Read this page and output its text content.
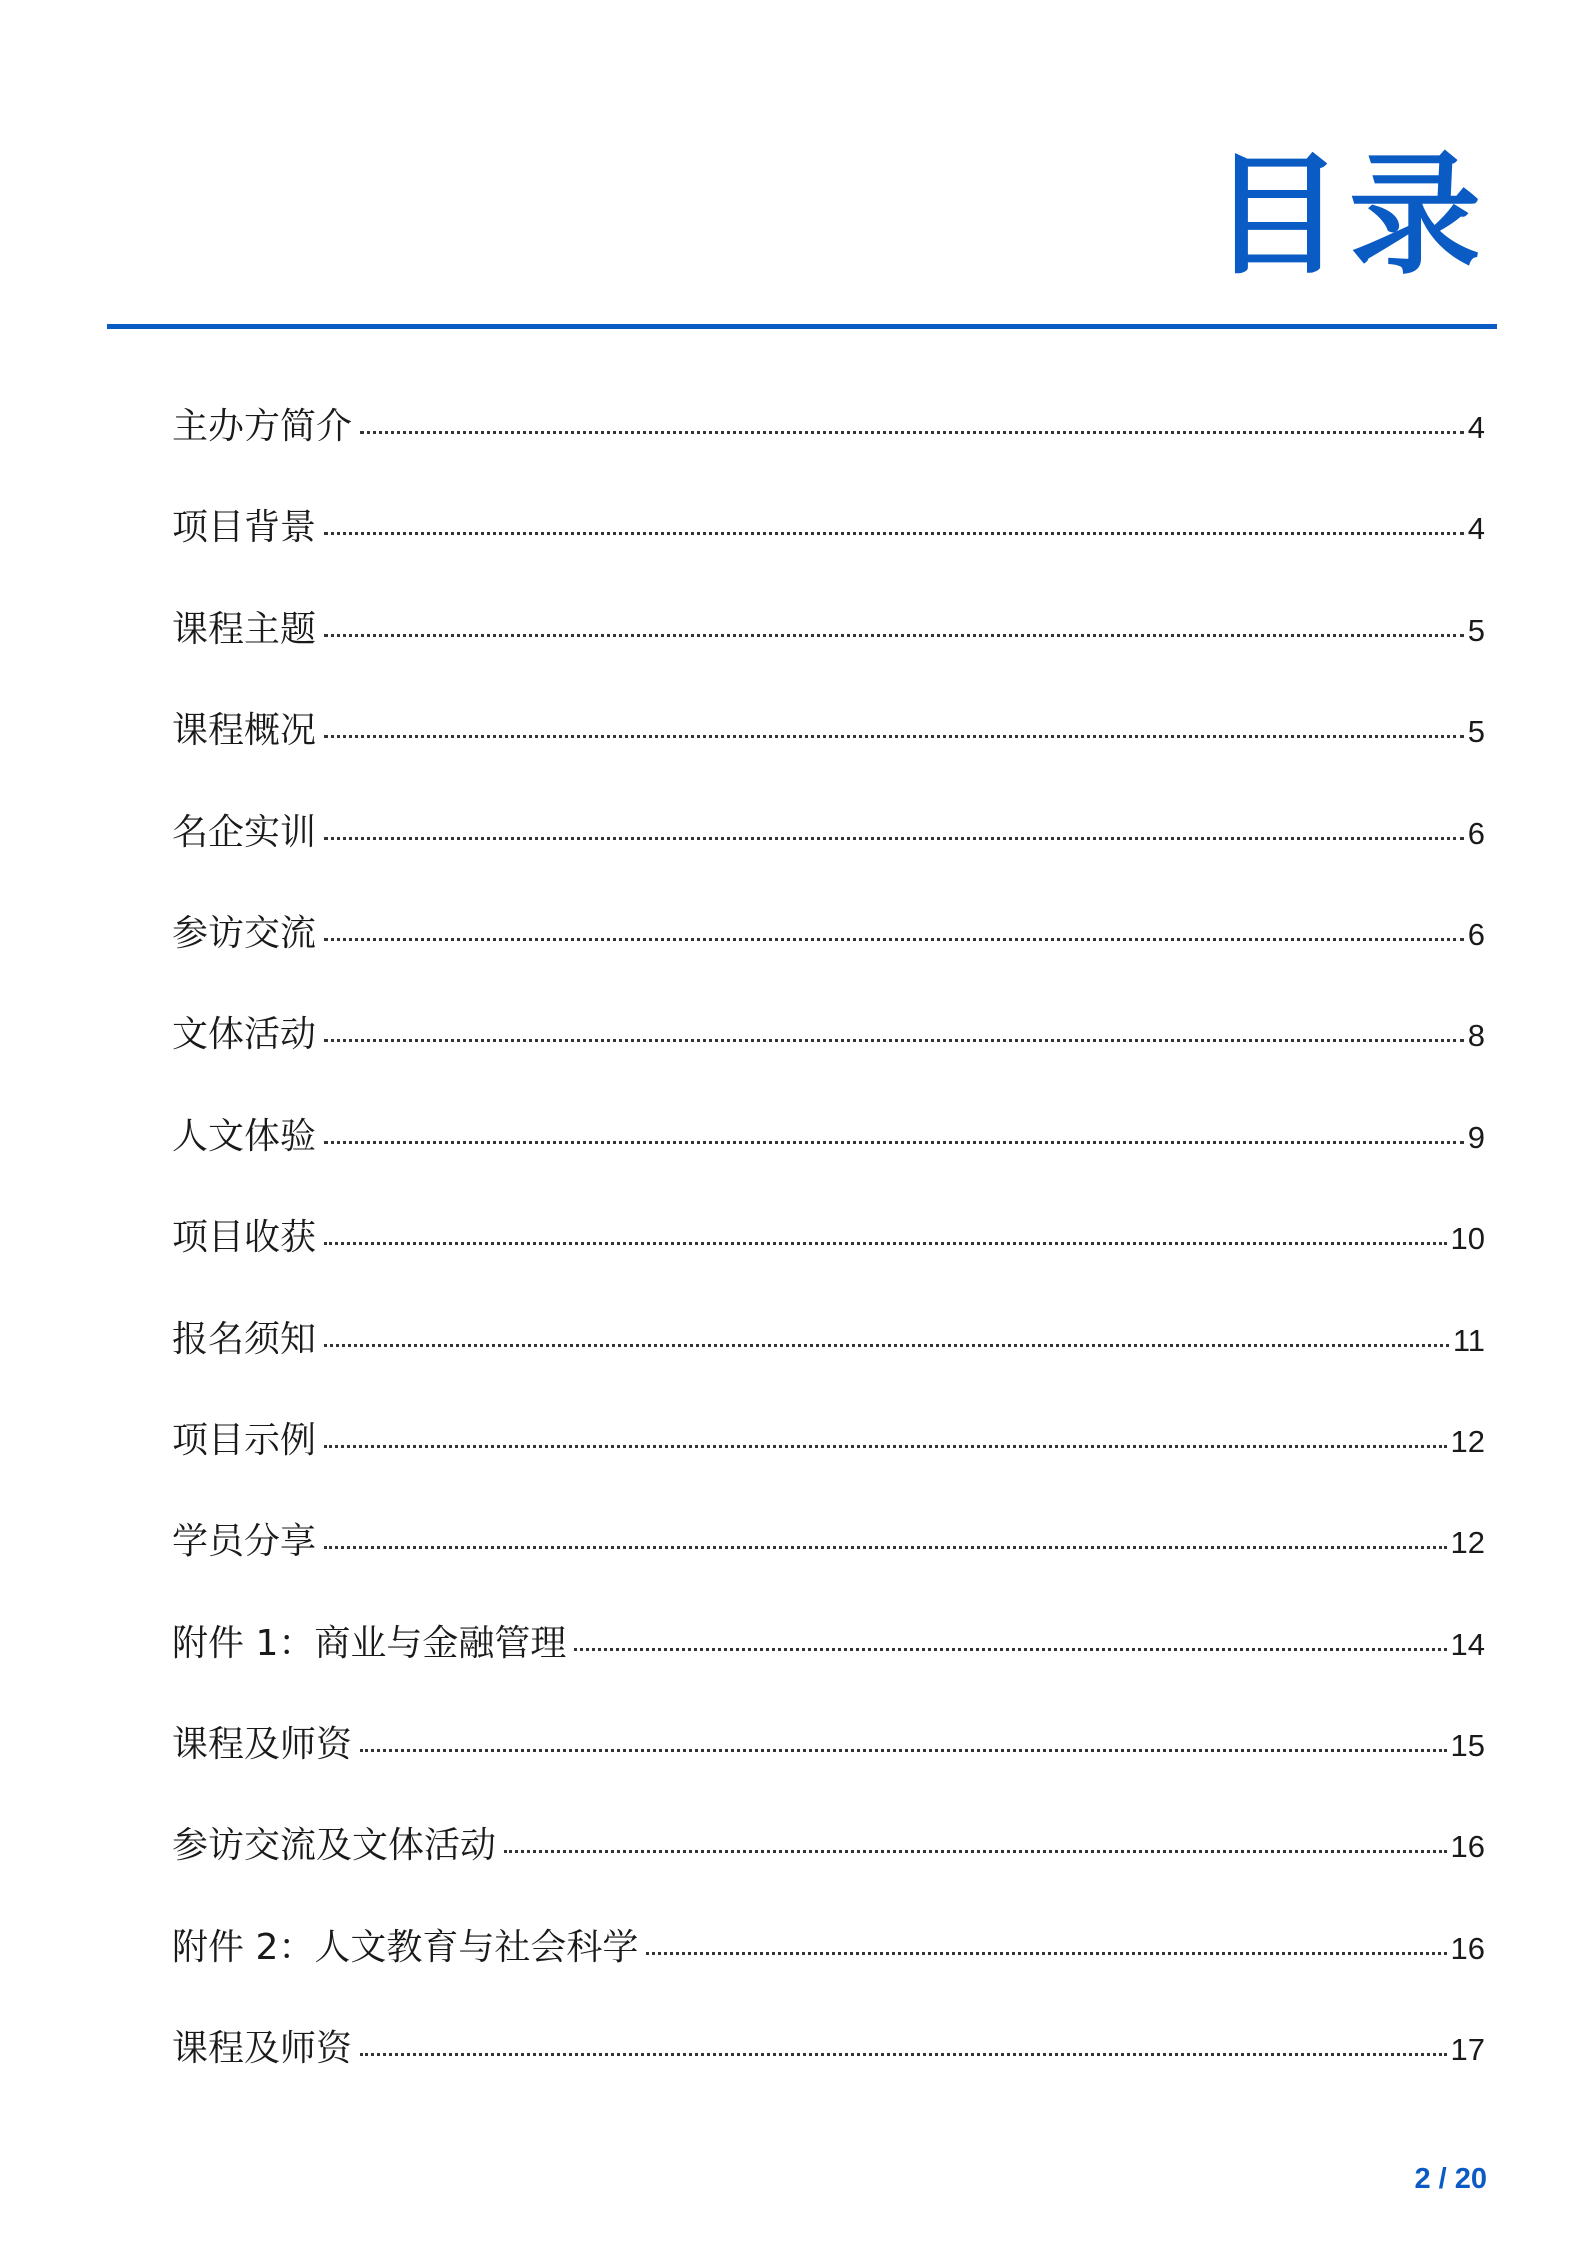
目录
主办方简介	4
项目背景	4
课程主题	5
课程概况	5
名企实训	6
参访交流	6
文体活动	8
人文体验	9
项目收获	10
报名须知	11
项目示例	12
学员分享	12
附件 1：商业与金融管理	14
课程及师资	15
参访交流及文体活动	16
附件 2：人文教育与社会科学	16
课程及师资	17
2 / 20
